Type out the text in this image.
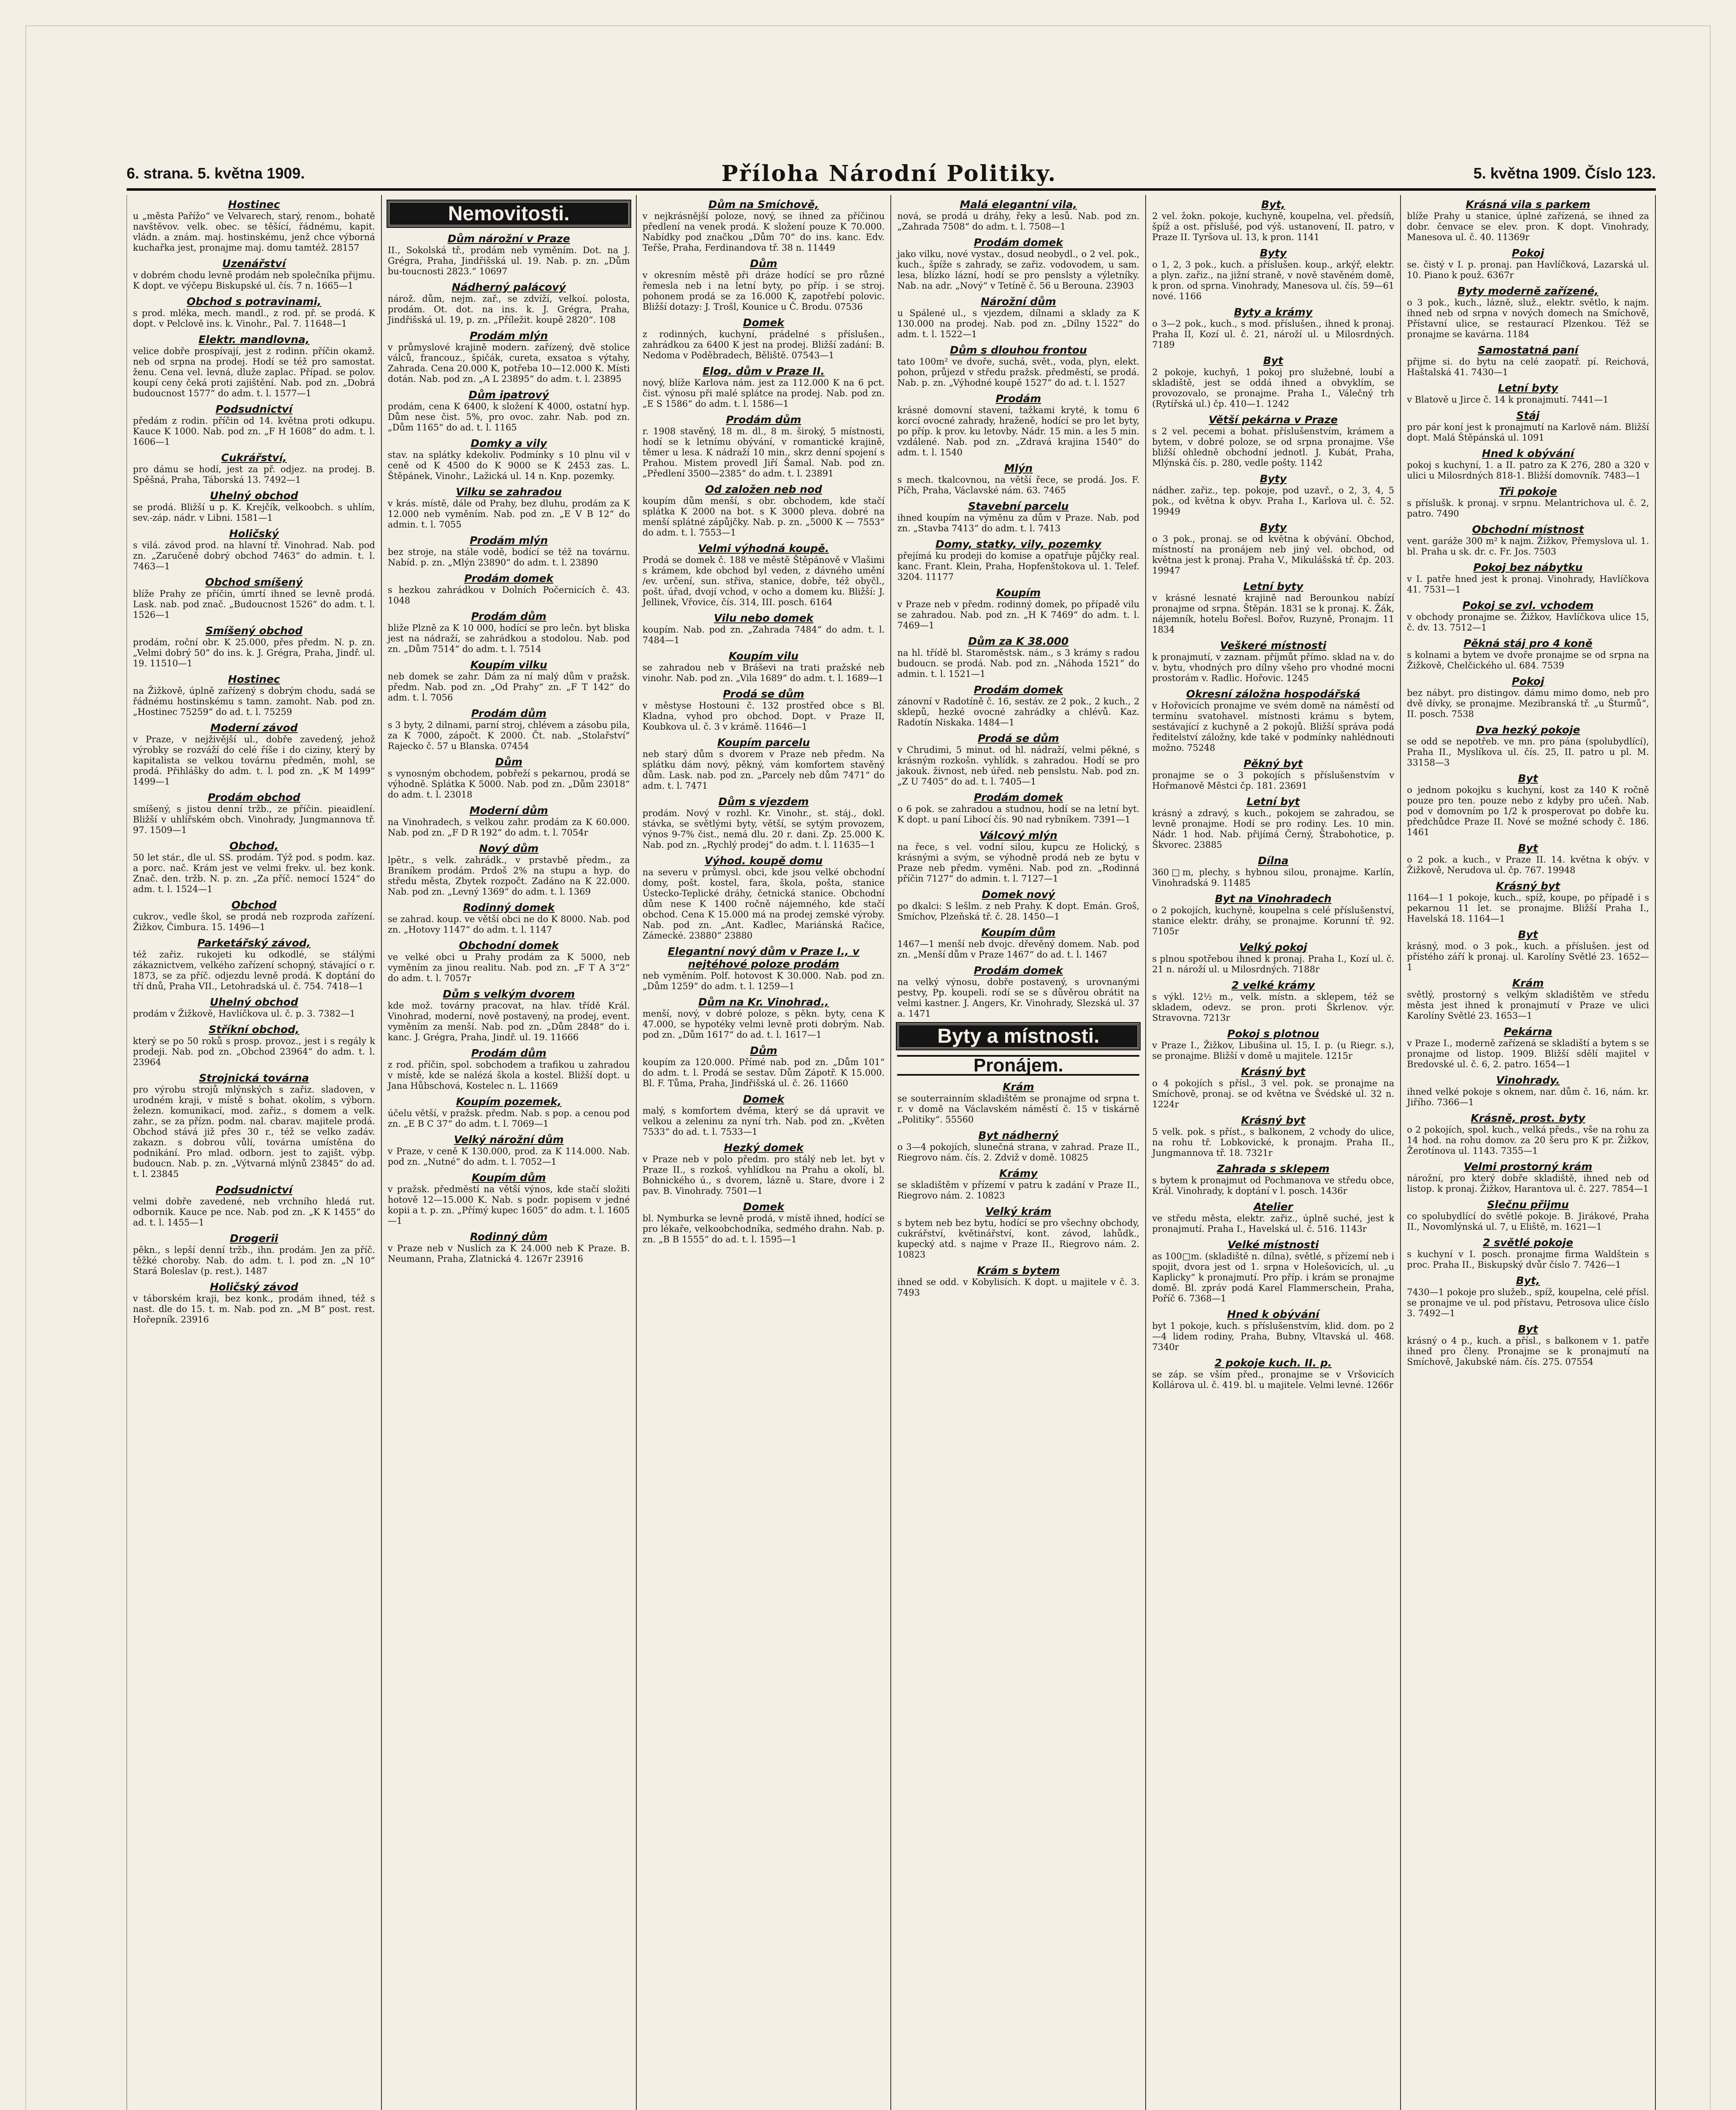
6. strana. 5. května 1909.	Příloha Národní Politiky.	5. května 1909. Číslo 123.
Hostinec
u „města Pařížo“ ve Velvarech, starý, renom., bohatě navštěvov. velk. obec. se těšící, řádnému, kapit. vládn. a znám. maj. hostinskému, jenž chce výborná kuchařka jest, pronajme maj. domu tamtéž. 28157
Uzenářství
v dobrém chodu levně prodám neb společníka přijmu. K dopt. ve výčepu Biskupské ul. čís. 7 n. 1665—1
Obchod s potravinami,
s prod. mléka, mech. mandl., z rod. př. se prodá. K dopt. v Pelclově ins. k. Vinohr., Pal. 7. 11648—1
Elektr. mandlovna,
velice dobře prospívají, jest z rodinn. příčin okamž. neb od srpna na prodej. Hodí se též pro samostat. ženu. Cena vel. levná, dluže zaplac. Případ. se polov. koupí ceny čeká proti zajištění. Nab. pod zn. „Dobrá budoucnost 1577“ do adm. t. l. 1577—1
Podsudnictví
předám z rodin. příčin od 14. května proti odkupu. Kauce K 1000. Nab. pod zn. „F H 1608“ do adm. t. l. 1606—1
Cukrářství,
pro dámu se hodí, jest za př. odjez. na prodej. B. Spěšná, Praha, Táborská 13. 7492—1
Uhelný obchod
se prodá. Bližší u p. K. Krejčík, velkoobch. s uhlím, sev.-záp. nádr. v Libni. 1581—1
Holičský
s vilá. závod prod. na hlavní tř. Vinohrad. Nab. pod zn. „Zaručeně dobrý obchod 7463“ do admin. t. l. 7463—1
Obchod smíšený
blíže Prahy ze příčin, úmrtí ihned se levně prodá. Lask. nab. pod znač. „Budoucnost 1526“ do adm. t. l. 1526—1
Smíšený obchod
prodám, roční obr. K 25.000, přes předm. N. p. zn. „Velmi dobrý 50“ do ins. k. J. Grégra, Praha, Jindř. ul. 19. 11510—1
Hostinec
na Žižkově, úplně zařízený s dobrým chodu, sadá se řádnému hostinskému s tamn. zamoht. Nab. pod zn. „Hostinec 75259“ do ad. t. l. 75259
Moderní závod
v Praze, v nejživější ul., dobře zavedený, jehož výrobky se rozváží do celé říše i do ciziny, který by kapitalista se velkou továrnu předměn, mohl, se prodá. Přihlášky do adm. t. l. pod zn. „K M 1499“ 1499—1
Prodám obchod
smíšený, s jistou denní tržb., ze příčin. pieaidlení. Bližší v uhlířském obch. Vinohrady, Jungmannova tř. 97. 1509—1
Obchod,
50 let stár., dle ul. SS. prodám. Týž pod. s podm. kaz. a porc. nač. Krám jest ve velmi frekv. ul. bez konk. Znač. den. tržb. N. p. zn. „Za příč. nemocí 1524“ do adm. t. l. 1524—1
Obchod
cukrov., vedle škol, se prodá neb rozproda zařízení. Žižkov, Čimbura. 15. 1496—1
Parketářský závod,
též zařiz. rukojeti ku odkodlé, se stálými zákaznictvem, velkého zařízení schopný, stávající o r. 1873, se za příč. odjezdu levně prodá. K doptání do tří dnů, Praha VII., Letohradská ul. č. 754. 7418—1
Uhelný obchod
prodám v Žižkově, Havlíčkova ul. č. p. 3. 7382—1
Stříkní obchod,
který se po 50 roků s prosp. provoz., jest i s regály k prodeji. Nab. pod zn. „Obchod 23964“ do adm. t. l. 23964
Strojnická továrna
pro výrobu strojů mlýnských s zařiz. sladoven, v urodném kraji, v místě s bohat. okolím, s výborn. železn. komunikací, mod. zařiz., s domem a velk. zahr., se za přízn. podm. nal. cbarav. majitele prodá. Obchod stává již přes 30 r., též se velko zadáv. zakazn. s dobrou vůlí, továrna umístěna do podnikání. Pro mlad. odborn. jest to zajišt. výbp. budoucn. Nab. p. zn. „Výtvarná mlýnů 23845“ do ad. t. l. 23845
Podsudnictví
velmi dobře zavedené, neb vrchního hledá rut. odbornik. Kauce pe nce. Nab. pod zn. „K K 1455“ do ad. t. l. 1455—1
Drogerii
pěkn., s lepší denní tržb., ihn. prodám. Jen za příč. těžké choroby. Nab. do adm. t. l. pod zn. „N 10“ Stará Boleslav (p. rest.). 1487
Holičský závod
v táborském kraji, bez konk., prodám ihned, též s nast. dle do 15. t. m. Nab. pod zn. „M B“ post. rest. Hořepník. 23916
Nemovitosti.
Dům nárožní v Praze
II., Sokolská tř., prodám neb vyměním. Dot. na J. Grégra, Praha, Jindřišská ul. 19. Nab. p. zn. „Dům bu-toucnosti 2823.“ 10697
Nádherný palácový
nárož. dům, nejm. zař., se zdvíží, velkoí. polosta, prodám. Ot. dot. na ins. k. J. Grégra, Praha, Jindřišská ul. 19, p. zn. „Příležit. koupě 2820“. 108
Prodám mlýn
v průmyslové krajině modern. zařízený, dvě stolice válců, francouz., špičák, cureta, exsatoa s výtahy, Zahrada. Cena 20.000 K, potřeba 10—12.000 K. Místi dotán. Nab. pod zn. „A L 23895“ do adm. t. l. 23895
Dům ipatrový
prodám, cena K 6400, k složení K 4000, ostatní hyp. Dům nese čist. 5%, pro ovoc. zahr. Nab. pod zn. „Dům 1165“ do ad. t. l. 1165
Domky a vily
stav. na splátky kdekoliv. Podmínky s 10 plnu vil v ceně od K 4500 do K 9000 se K 2453 zas. L. Štěpánek, Vinohr., Lažická ul. 14 n. Knp. pozemky.
Vilku se zahradou
v krás. místě, dále od Prahy, bez dluhu, prodám za K 12.000 neb vyměním. Nab. pod zn. „E V B 12“ do admin. t. l. 7055
Prodám mlýn
bez stroje, na stále vodě, bodící se též na továrnu. Nabíd. p. zn. „Mlýn 23890“ do adm. t. l. 23890
Prodám domek
s hezkou zahrádkou v Dolních Počernicích č. 43. 1048
Prodám dům
bliže Plzně za K 10 000, hodící se pro lečn. byt bliska jest na nádraží, se zahrádkou a stodolou. Nab. pod zn. „Dům 7514“ do adm. t. l. 7514
Koupím vilku
neb domek se zahr. Dám za ní malý dům v pražsk. předm. Nab. pod zn. „Od Prahy“ zn. „F T 142“ do adm. t. l. 7056
Prodám dům
s 3 byty, 2 dilnami, parní stroj, chlévem a zásobu pila, za K 7000, zápočt. K 2000. Čt. nab. „Stolařství“ Rajecko č. 57 u Blanska. 07454
Dům
s vynosným obchodem, pobřeží s pekarnou, prodá se výhodně. Splátka K 5000. Nab. pod zn. „Dům 23018“ do adm. t. l. 23018
Moderní dům
na Vinohradech, s velkou zahr. prodám za K 60.000. Nab. pod zn. „F D R 192“ do adm. t. l. 7054r
Nový dům
lpětr., s velk. zahrádk., v prstavbě předm., za Braníkem prodám. Prdoš 2% na stupu a hyp. do středu města, Zbytek rozpočt. Zadáno na K 22.000. Nab. pod zn. „Levný 1369“ do adm. t. l. 1369
Rodinný domek
se zahrad. koup. ve větší obci ne do K 8000. Nab. pod zn. „Hotovy 1147“ do adm. t. l. 1147
Obchodní domek
ve velké obci u Prahy prodám za K 5000, neb vyměním za jinou realitu. Nab. pod zn. „F T A 3“2“ do adm. t. l. 7057r
Dům s velkým dvorem
kde mož. továrny pracovat, na hlav. třídě Král. Vinohrad, moderní, nově postavený, na prodej, event. vyměním za menší. Nab. pod zn. „Dům 2848“ do i. kanc. J. Grégra, Praha, Jindř. ul. 19. 11666
Prodám dům
z rod. příčin, spol. sobchodem a trafikou u zahradou v místě, kde se nalézá škola a kostel. Bližší dopt. u Jana Hůbschová, Kostelec n. L. 11669
Koupím pozemek,
účelu větší, v pražsk. předm. Nab. s pop. a cenou pod zn. „E B C 37“ do adm. t. l. 7069—1
Velký nárožní dům
v Praze, v ceně K 130.000, prod. za K 114.000. Nab. pod zn. „Nutné“ do adm. t. l. 7052—1
Koupím dům
v pražsk. předměstí na větší výnos, kde stačí složiti hotově 12—15.000 K. Nab. s podr. popisem v jedné kopii a t. p. zn. „Přímý kupec 1605“ do adm. t. l. 1605—1
Rodinný dům
v Praze neb v Nuslích za K 24.000 neb K Praze. B. Neumann, Praha, Zlatnická 4. 1267r 23916
Dům na Smíchově,
v nejkrásnější poloze, nový, se ihned za příčinou předlení na venek prodá. K složení pouze K 70.000. Nabídky pod značkou „Dům 70“ do ins. kanc. Edv. Teřše, Praha, Ferdinandova tř. 38 n. 11449
Dům
v okresním městě při dráze hodící se pro různé řemesla neb i na letní byty, po příp. i se stroj. pohonem prodá se za 16.000 K, zapotřebí polovic. Bližší dotazy: J. Trošl, Kounice u Č. Brodu. 07536
Domek
z rodinných, kuchyní, prádelné s příslušen., zahrádkou za 6400 K jest na prodej. Bližší zadání: B. Nedoma v Poděbradech, Běliště. 07543—1
Elog. dům v Praze II.
nový, blíže Karlova nám. jest za 112.000 K na 6 pct. čist. výnosu při malé splátce na prodej. Nab. pod zn. „E S 1586“ do adm. t. l. 1586—1
Prodám dům
r. 1908 stavěný, 18 m. dl., 8 m. široký, 5 místnosti, hodí se k letnímu obývání, v romantické krajině, těmer u lesa. K nádraží 10 min., skrz denní spojení s Prahou. Mistem provedl Jiří Šamal. Nab. pod zn. „Předlení 3500—2385“ do adm. t. l. 23891
Od založen neb nod
koupím dům menší, s obr. obchodem, kde stačí splátka K 2000 na bot. s K 3000 pleva. dobré na menší splátné zápůjčky. Nab. p. zn. „5000 K — 7553“ do adm. t. l. 7553—1
Velmi výhodná koupě.
Prodá se domek č. 188 ve městě Štěpánově v Vlašimi s krámem, kde obchod byl veden, z dávného umění /ev. určení, sun. střiva, stanice, dobře, též obyčl., pošt. úřad, dvojí vchod, v ocho a domem ku. Bližší: J. Jellinek, Vřovice, čís. 314, III. posch. 6164
Vilu nebo domek
koupím. Nab. pod zn. „Zahrada 7484“ do adm. t. l. 7484—1
Koupím vilu
se zahradou neb v Bráševi na trati pražské neb vinohr. Nab. pod zn. „Vila 1689“ do adm. t. l. 1689—1
Prodá se dům
v městyse Hostouni č. 132 prostřed obce s Bl. Kladna, vyhod pro obchod. Dopt. v Praze II, Koubkova ul. č. 3 v krámě. 11646—1
Koupím parcelu
neb starý dům s dvorem v Praze neb předm. Na splátku dám nový, pěkný, vám komfortem stavěný dům. Lask. nab. pod zn. „Parcely neb dům 7471“ do adm. t. l. 7471
Dům s vjezdem
prodám. Nový v rozhl. Kr. Vinohr., st. stáj., dokl. stávka, se světlými byty, větší, se sytým provozem, výnos 9-7% čist., nemá dlu. 20 r. dani. Zp. 25.000 K. Nab. pod zn. „Rychlý prodej“ do adm. t. l. 11635—1
Výhod. koupě domu
na severu v průmysl. obci, kde jsou velké obchodní domy, pošt. kostel, fara, škola, pošta, stanice Ústecko-Teplické dráhy, četnická stanice. Obchodní dům nese K 1400 ročně nájemného, kde stačí obchod. Cena K 15.000 má na prodej zemské výroby. Nab. pod zn. „Ant. Kadlec, Mariánská Račice, Zámecké. 23880“ 23880
Elegantní nový dům v Praze I., v nejtéhové poloze prodám
neb vyměním. Polf. hotovost K 30.000. Nab. pod zn. „Dům 1259“ do adm. t. l. 1259—1
Dům na Kr. Vinohrad.,
menší, nový, v dobré poloze, s pěkn. byty, cena K 47.000, se hypotéky velmi levně proti dobrým. Nab. pod zn. „Dům 1617“ do ad. t. l. 1617—1
Dům
koupím za 120.000. Přímé nab. pod zn. „Dům 101“ do adm. t. l. Prodá se sestav. Dům Zápotř. K 15.000. Bl. F. Tůma, Praha, Jindřišská ul. č. 26. 11660
Domek
malý, s komfortem dvěma, který se dá upravit ve velkou a zeleninu za nyní trh. Nab. pod zn. „Květen 7533“ do ad. t. l. 7533—1
Hezký domek
v Praze neb v polo předm. pro stálý neb let. byt v Praze II., s rozkoš. vyhlídkou na Prahu a okolí, bl. Bohnického ú., s dvorem, lázně u. Stare, dvore i 2 pav. B. Vinohrady. 7501—1
Domek
bl. Nymburka se levně prodá, v místě ihned, hodící se pro lékaře, velkoobchodníka, sedmého drahn. Nab. p. zn. „B B 1555“ do ad. t. l. 1595—1
Malá elegantní vila,
nová, se prodá u dráhy, řeky a lesů. Nab. pod zn. „Zahrada 7508“ do adm. t. l. 7508—1
Prodám domek
jako vilku, nové vystav., dosud neobydl., o 2 vel. pok., kuch., špíže s zahrady, se zařiz. vodovodem, u sam. lesa, blízko lázní, hodí se pro penslsty a výletníky. Nab. na adr. „Nový“ v Tetíně č. 56 u Berouna. 23903
Nárožní dům
u Spálené ul., s vjezdem, dílnami a sklady za K 130.000 na prodej. Nab. pod zn. „Dílny 1522“ do adm. t. l. 1522—1
Dům s dlouhou frontou
tato 100m² ve dvoře, suchá, svět., voda, plyn, elekt. pohon, průjezd v středu pražsk. předměstí, se prodá. Nab. p. zn. „Výhodné koupě 1527“ do ad. t. l. 1527
Prodám
krásné domovní stavení, tažkami kryté, k tomu 6 korcí ovocné zahrady, hraženě, hodící se pro let byty, po příp. k prov. ku letovby. Nádr. 15 min. a les 5 min. vzdálené. Nab. pod zn. „Zdravá krajina 1540“ do adm. t. l. 1540
Mlýn
s mech. tkalcovnou, na větší řece, se prodá. Jos. F. Píčh, Praha, Václavské nám. 63. 7465
Stavební parcelu
ihned koupím na výměnu za dům v Praze. Nab. pod zn. „Stavba 7413“ do adm. t. l. 7413
Domy, statky, vily, pozemky
přejímá ku prodeji do komise a opatřuje půjčky real. kanc. Frant. Klein, Praha, Hopfenštokova ul. 1. Telef. 3204. 11177
Koupím
v Praze neb v předm. rodinný domek, po případě vilu se zahradou. Nab. pod zn. „H K 7469“ do adm. t. l. 7469—1
Dům za K 38.000
na hl. třídě bl. Staroměstsk. nám., s 3 krámy s radou budoucn. se prodá. Nab. pod zn. „Náhoda 1521“ do admin. t. l. 1521—1
Prodám domek
zánovní v Radotíně č. 16, sestáv. ze 2 pok., 2 kuch., 2 sklepů, hezké ovocné zahrádky a chlévů. Kaz. Radotín Niskaka. 1484—1
Prodá se dům
v Chrudimi, 5 minut. od hl. nádraží, velmi pěkné, s krásným rozkošn. vyhlídk. s zahradou. Hodí se pro jakouk. živnost, neb úřed. neb penslstu. Nab. pod zn. „Z U 7405“ do ad. t. l. 7405—1
Prodám domek
o 6 pok. se zahradou a studnou, hodí se na letní byt. K dopt. u paní Libocí čís. 90 nad rybníkem. 7391—1
Válcový mlýn
na řece, s vel. vodní silou, kupcu ze Holický, s krásnými a svým, se výhodně prodá neb ze bytu v Praze neb předm. vyměni. Nab. pod zn. „Rodinná příčin 7127“ do admin. t. l. 7127—1
Domek nový
po dkalci: S lešlm. z neb Prahy. K dopt. Emán. Groš, Smíchov, Plzeňská tř. č. 28. 1450—1
Koupím dům
1467—1 menší neb dvojc. dřevěný domem. Nab. pod zn. „Menší dům v Praze 1467“ do ad. t. l. 1467
Prodám domek
na velký výnosu, dobře postavený, s urovnanými pestvy, Pp. koupeli. rodí se se s důvěrou obrátit na velmi kastner. J. Angers, Kr. Vinohrady, Slezská ul. 37 a. 1471
Byty a místnosti.
Pronájem.
Krám
se souterrainním skladištěm se pronajme od srpna t. r. v domě na Václavském náměstí č. 15 v tiskárně „Politiky“. 55560
Byt nádherný
o 3—4 pokojích, slunečná strana, v zahrad. Praze II., Riegrovo nám. čís. 2. Zdviž v domě. 10825
Krámy
se skladištěm v přízemí v patru k zadání v Praze II., Riegrovo nám. 2. 10823
Velký krám
s bytem neb bez bytu, hodící se pro všechny obchody, cukrářství, květinářství, kont. závod, lahůdk., kupecký atd. s najme v Praze II., Riegrovo nám. 2. 10823
Krám s bytem
ihned se odd. v Kobylisích. K dopt. u majitele v č. 3. 7493
Byt,
2 vel. žokn. pokoje, kuchyně, koupelna, vel. předsíň, špíž a ost. příslušé, pod výš. ustanovení, II. patro, v Praze II. Tyršova ul. 13, k pron. 1141
Byty
o 1, 2, 3 pok., kuch. a příslušen. koup., arkýř, elektr. a plyn. zařiz., na jižní straně, v nově stavěném domě, k pron. od sprna. Vinohrady, Manesova ul. čís. 59—61 nové. 1166
Byty a krámy
o 3—2 pok., kuch., s mod. příslušen., ihned k pronaj. Praha II, Kozí ul. č. 21, nároží ul. u Milosrdných. 7189
Byt
2 pokoje, kuchyň, 1 pokoj pro služebné, loubí a skladiště, jest se oddá ihned a obvyklím, se provozovalo, se pronajme. Praha I., Válečný trh (Rytířská ul.) čp. 410—1. 1242
Větší pekárna v Praze
s 2 vel. pecemi a bohat. příslušenstvím, krámem a bytem, v dobré poloze, se od srpna pronajme. Vše bližší ohledně obchodní jednotl. J. Kubát, Praha, Mlýnská čís. p. 280, vedle pošty. 1142
Byty
nádher. zařiz., tep. pokoje, pod uzavř., o 2, 3, 4, 5 pok., od května k obyv. Praha I., Karlova ul. č. 52. 19949
Byty
o 3 pok., pronaj. se od května k obývání. Obchod, místností na pronájem neb jiný vel. obchod, od května jest k pronaj. Praha V., Mikulášská tř. čp. 203. 19947
Letní byty
v krásné lesnaté krajině nad Berounkou nabízí pronajme od srpna. Štěpán. 1831 se k pronaj. K. Žák, nájemník, hotelu Bořesl. Bořov, Ruzyně, Pronajm. 11 1834
Veškeré místnosti
k pronajmutí, v zaznam. příjmůt přímo. sklad na v. do v. bytu, vhodných pro dílny všeho pro vhodné mocni prostorám v. Radlic. Hořovic. 1245
Okresní záložna hospodářská
v Hořovicích pronajme ve svém domě na náměstí od termínu svatohavel. místnosti krámu s bytem, sestávající z kuchyně a 2 pokojů. Bližší správa podá ředitelství záložny, kde také v podmínky nahlédnouti možno. 75248
Pěkný byt
pronajme se o 3 pokojích s příslušenstvím v Hořmanově Městci čp. 181. 23691
Letní byt
krásný a zdravý, s kuch., pokojem se zahradou, se levně pronajme. Hodí se pro rodiny. Les. 10 min. Nádr. 1 hod. Nab. přijímá Černý, Štrabohotice, p. Škvorec. 23885
Dílna
360□m, plechy, s hybnou silou, pronajme. Karlín, Vinohradská 9. 11485
Byt na Vinohradech
o 2 pokojích, kuchyně, koupelna s celé příslušenství, stanice elektr. dráhy, se pronajme. Korunní tř. 92. 7105r
Velký pokoj
s plnou spotřebou ihned k pronaj. Praha I., Kozí ul. č. 21 n. nároží ul. u Milosrdných. 7188r
2 velké krámy
s výkl. 12½ m., velk. místn. a sklepem, též se skladem, odevz. se pron. proti Škrlenov. výr. Stravovna. 7213r
Pokoj s plotnou
v Praze I., Žižkov, Libušina ul. 15, I. p. (u Riegr. s.), se pronajme. Bližší v domě u majitele. 1215r
Krásný byt
o 4 pokojích s přísl., 3 vel. pok. se pronajme na Smíchově, pronaj. se od května ve Švédské ul. 32 n. 1224r
Krásný byt
5 velk. pok. s příst., s balkonem, 2 vchody do ulice, na rohu tř. Lobkovické, k pronajm. Praha II., Jungmannova tř. 18. 7321r
Zahrada s sklepem
s bytem k pronajmut od Pochmanova ve středu obce, Král. Vinohrady, k doptání v l. posch. 1436r
Atelier
ve středu města, elektr. zařiz., úplně suché, jest k pronajmutí. Praha I., Havelská ul. č. 516. 1143r
Velké místnosti
as 100□m. (skladiště n. dílna), světlé, s přízemí neb i spojit, dvora jest od 1. srpna v Holešovicích, ul. „u Kaplicky“ k pronajmutí. Pro příp. i krám se pronajme domě. Bl. zpráv podá Karel Flammerschein, Praha, Poříč 6. 7368—1
Hned k obývání
byt 1 pokoje, kuch. s příslušenstvím, klid. dom. po 2—4 lidem rodiny, Praha, Bubny, Vltavská ul. 468. 7340r
2 pokoje kuch. II. p.
se záp. se vším před., pronajme se v Vršovicích Kollárova ul. č. 419. bl. u majitele. Velmi levné. 1266r
Krásná vila s parkem
blíže Prahy u stanice, úplné zařízená, se ihned za dobr. čenvace se elev. pron. K dopt. Vinohrady, Manesova ul. č. 40. 11369r
Pokoj
se. čistý v I. p. pronaj. pan Havlíčková, Lazarská ul. 10. Piano k použ. 6367r
Byty moderně zařízené,
o 3 pok., kuch., lázně, služ., elektr. světlo, k najm. ihned neb od srpna v nových domech na Smíchově, Přístavní ulice, se restaurací Plzenkou. Též se pronajme se kavárna. 1184
Samostatná paní
přijme si. do bytu na celé zaopatř. pí. Reichová, Haštalská 41. 7430—1
Letní byty
v Blatově u Jirce č. 14 k pronajmutí. 7441—1
Stáj
pro pár koní jest k pronajmutí na Karlově nám. Bližší dopt. Malá Štěpánská ul. 1091
Hned k obývání
pokoj s kuchyní, 1. a II. patro za K 276, 280 a 320 v ulici u Milosrdných 818-1. Bližší domovník. 7483—1
Tři pokoje
s příslušk. k pronaj. v srpnu. Melantrichova ul. č. 2, patro. 7490
Obchodní místnost
vent. garáže 300 m² k najm. Žižkov, Přemyslova ul. 1. bl. Praha u sk. dr. c. Fr. Jos. 7503
Pokoj bez nábytku
v I. patře hned jest k pronaj. Vinohrady, Havlíčkova 41. 7531—1
Pokoj se zvl. vchodem
v obchody pronajme se. Žižkov, Havlíčkova ulice 15, č. dv. 13. 7512—1
Pěkná stáj pro 4 koně
s kolnami a bytem ve dvoře pronajme se od srpna na Žižkově, Chelčického ul. 684. 7539
Pokoj
bez nábyt. pro distingov. dámu mimo domo, neb pro dvě dívky, se pronajme. Mezibranská tř. „u Šturmů“, II. posch. 7538
Dva hezký pokoje
se odd se nepotřeb. ve mn. pro pána (spolubydlící), Praha II., Myslíkova ul. čís. 25, II. patro u pl. M. 33158—3
Byt
o jednom pokojku s kuchyní, kost za 140 K ročně pouze pro ten. pouze nebo z kdyby pro učeň. Nab. pod v domovním po 1/2 k prosperovat po dobře ku. předchůdce Praze II. Nové se možné schody č. 186. 1461
Byt
o 2 pok. a kuch., v Praze II. 14. května k obýv. v Žižkově, Nerudova ul. čp. 767. 19948
Krásný byt
1164—1 1 pokoje, kuch., spíž, koupe, po případě i s pekarnou 11 let. se pronajme. Bližší Praha I., Havelská 18. 1164—1
Byt
krásný, mod. o 3 pok., kuch. a příslušen. jest od přístého září k pronaj. ul. Karolíny Světlé 23. 1652—1
Krám
světlý, prostorný s velkým skladištěm ve středu města jest ihned k pronajmutí v Praze ve ulici Karolíny Světlé 23. 1653—1
Pekárna
v Praze I., moderně zařízená se skladiští a bytem s se pronajme od listop. 1909. Bližší sdělí majitel v Bredovské ul. č. 6, 2. patro. 1654—1
Vinohrady.
ihned velké pokoje s oknem, nar. dům č. 16, nám. kr. Jiřího. 7366—1
Krásně, prost. byty
o 2 pokojích, spol. kuch., velká předs., vše na rohu za 14 hod. na rohu domov. za 20 šeru pro K pr. Žižkov, Žerotínova ul. 1143. 7355—1
Velmi prostorný krám
nárožní, pro který dobře skladiště, ihned neb od listop. k pronaj. Žižkov, Harantova ul. č. 227. 7854—1
Slečnu přijmu
co spolubydlící do světlé pokoje. B. Jirákové, Praha II., Novomlýnská ul. 7, u Eliště, m. 1621—1
2 světlé pokoje
s kuchyní v I. posch. pronajme firma Waldštein s proc. Praha II., Biskupský dvůr číslo 7. 7426—1
Byt,
7430—1 pokoje pro služeb., spíž, koupelna, celé přísl. se pronajme ve ul. pod přístavu, Petrosova ulice číslo 3. 7492—1
Byt
krásný o 4 p., kuch. a přísl., s balkonem v 1. patře ihned pro členy. Pronajme se k pronajmutí na Smíchově, Jakubské nám. čís. 275. 07554
